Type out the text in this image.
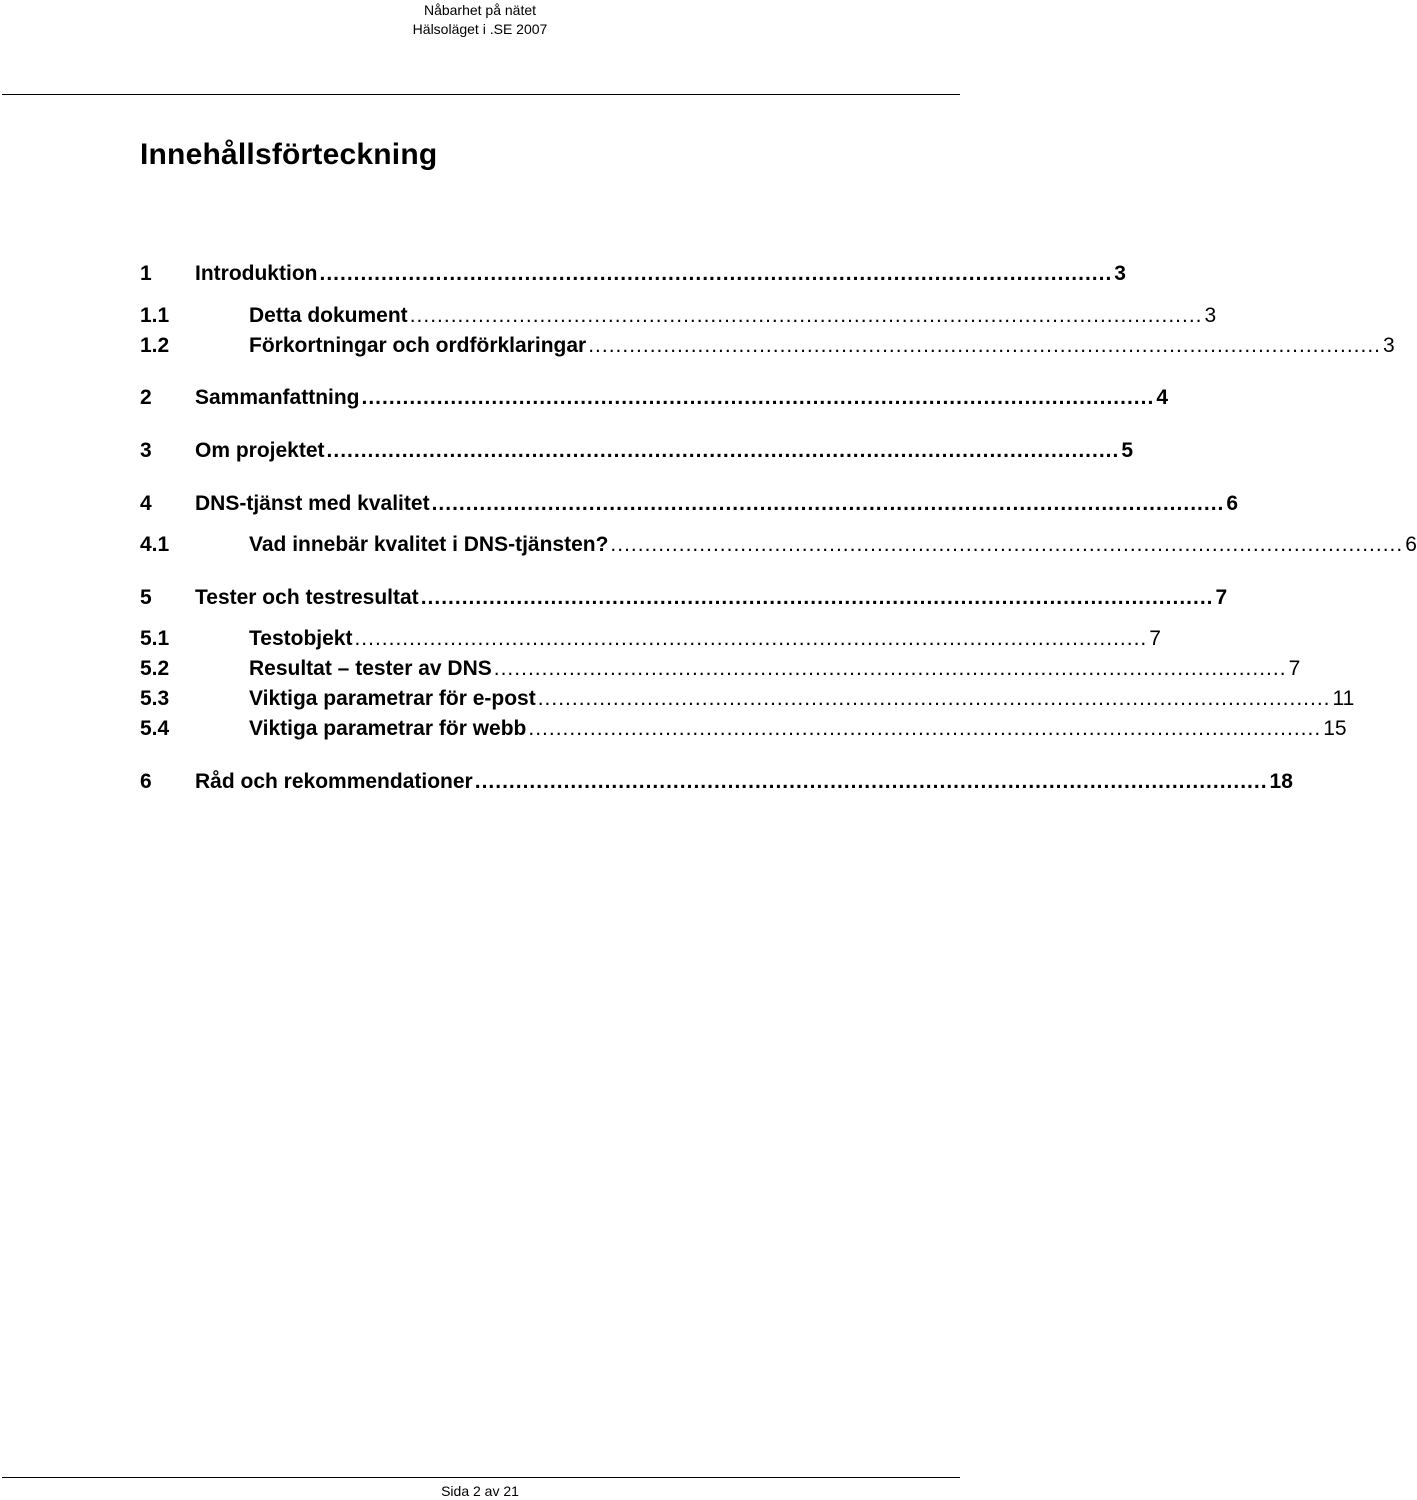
Nåbarhet på nätet
Hälsoläget i .SE 2007
Innehållsförteckning
1	Introduktion .................................................................................................................... 3
1.1	Detta dokument .................................................................................................................... 3
1.2	Förkortningar och ordförklaringar .................................................................................................................... 3
2	Sammanfattning .................................................................................................................... 4
3	Om projektet .................................................................................................................... 5
4	DNS-tjänst med kvalitet .................................................................................................................... 6
4.1	Vad innebär kvalitet i DNS-tjänsten? .................................................................................................................... 6
5	Tester och testresultat .................................................................................................................... 7
5.1	Testobjekt .................................................................................................................... 7
5.2	Resultat – tester av DNS .................................................................................................................... 7
5.3	Viktiga parametrar för e-post .................................................................................................................... 11
5.4	Viktiga parametrar för webb .................................................................................................................... 15
6	Råd och rekommendationer .................................................................................................................... 18
Sida 2 av 21
